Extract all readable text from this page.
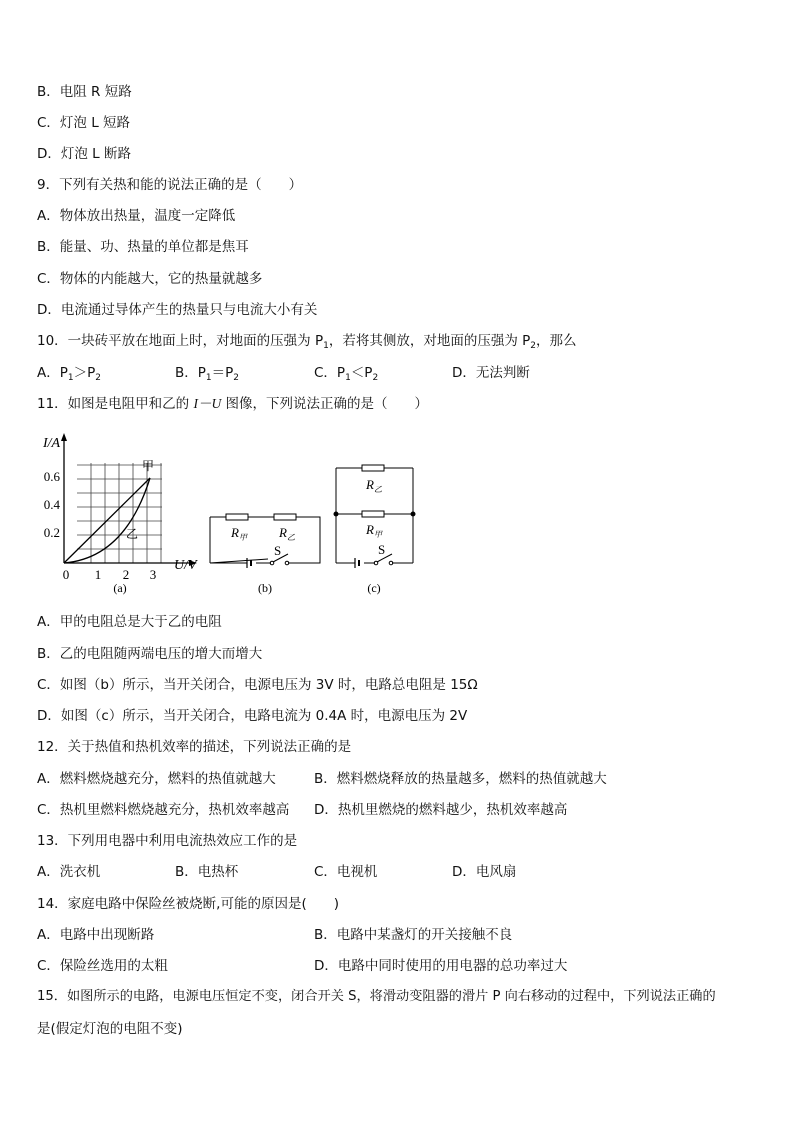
B．电阻 R 短路
C．灯泡 L 短路
D．灯泡 L 断路
9．下列有关热和能的说法正确的是（　　）
A．物体放出热量，温度一定降低
B．能量、功、热量的单位都是焦耳
C．物体的内能越大，它的热量就越多
D．电流通过导体产生的热量只与电流大小有关
10．一块砖平放在地面上时，对地面的压强为 $P_1$，若将其侧放，对地面的压强为 $P_2$，那么
A．$P_1>P_2$	B．$P_1=P_2$	C．$P_1<P_2$	D．无法判断
11．如图是电阻甲和乙的 I－U 图像，下列说法正确的是（　　）
甲
乙
I/A
U/V
0.6
0.4
0.2
0 1 2 3
(a)
$R_甲$ $R_乙$
S
(b)
$R_乙$
$R_甲$
S
(c)
A．甲的电阻总是大于乙的电阻
B．乙的电阻随两端电压的增大而增大
C．如图（b）所示，当开关闭合，电源电压为 3V 时，电路总电阻是 15Ω
D．如图（c）所示，当开关闭合，电路电流为 0.4A 时，电源电压为 2V
12．关于热值和热机效率的描述，下列说法正确的是
A．燃料燃烧越充分，燃料的热值就越大	B．燃料燃烧释放的热量越多，燃料的热值就越大
C．热机里燃料燃烧越充分，热机效率越高 D．热机里燃烧的燃料越少，热机效率越高
13．下列用电器中利用电流热效应工作的是
A．洗衣机	B．电热杯	C．电视机	D．电风扇
14．家庭电路中保险丝被烧断,可能的原因是(　　)
A．电路中出现断路	B．电路中某盏灯的开关接触不良
C．保险丝选用的太粗	D．电路中同时使用的用电器的总功率过大
15．如图所示的电路，电源电压恒定不变，闭合开关 S，将滑动变阻器的滑片 P 向右移动的过程中，下列说法正确的
是(假定灯泡的电阻不变)
